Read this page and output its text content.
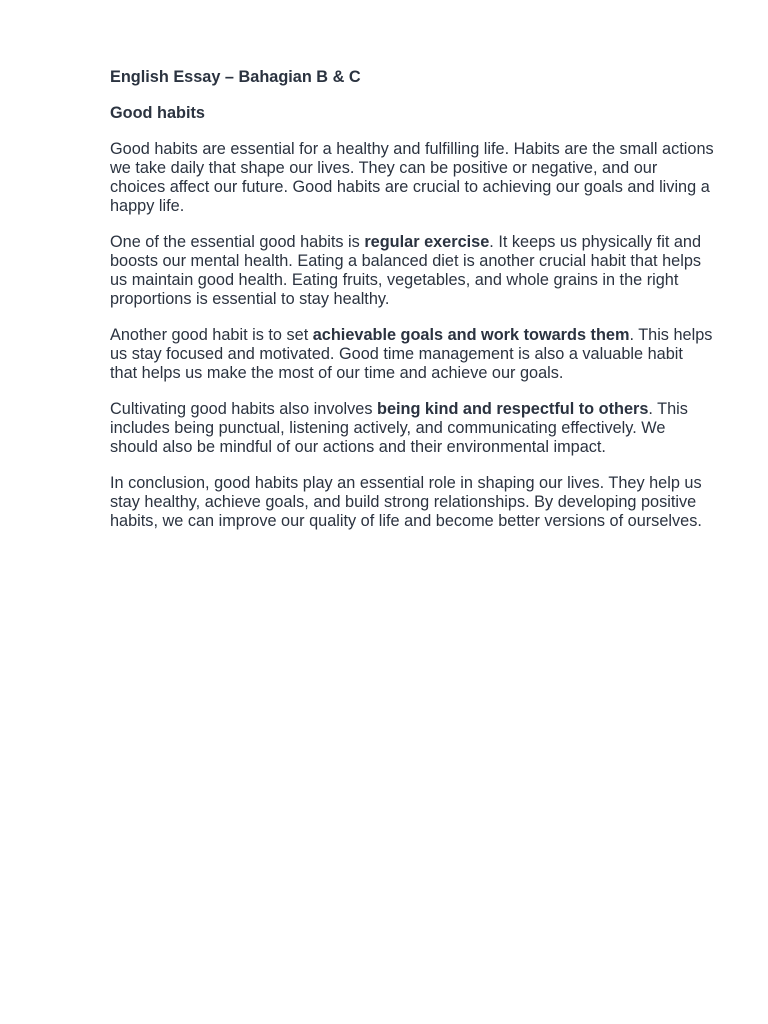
English Essay – Bahagian B & C
Good habits
Good habits are essential for a healthy and fulfilling life. Habits are the small actions we take daily that shape our lives. They can be positive or negative, and our choices affect our future. Good habits are crucial to achieving our goals and living a happy life.
One of the essential good habits is regular exercise. It keeps us physically fit and boosts our mental health. Eating a balanced diet is another crucial habit that helps us maintain good health. Eating fruits, vegetables, and whole grains in the right proportions is essential to stay healthy.
Another good habit is to set achievable goals and work towards them. This helps us stay focused and motivated. Good time management is also a valuable habit that helps us make the most of our time and achieve our goals.
Cultivating good habits also involves being kind and respectful to others. This includes being punctual, listening actively, and communicating effectively. We should also be mindful of our actions and their environmental impact.
In conclusion, good habits play an essential role in shaping our lives. They help us stay healthy, achieve goals, and build strong relationships. By developing positive habits, we can improve our quality of life and become better versions of ourselves.
